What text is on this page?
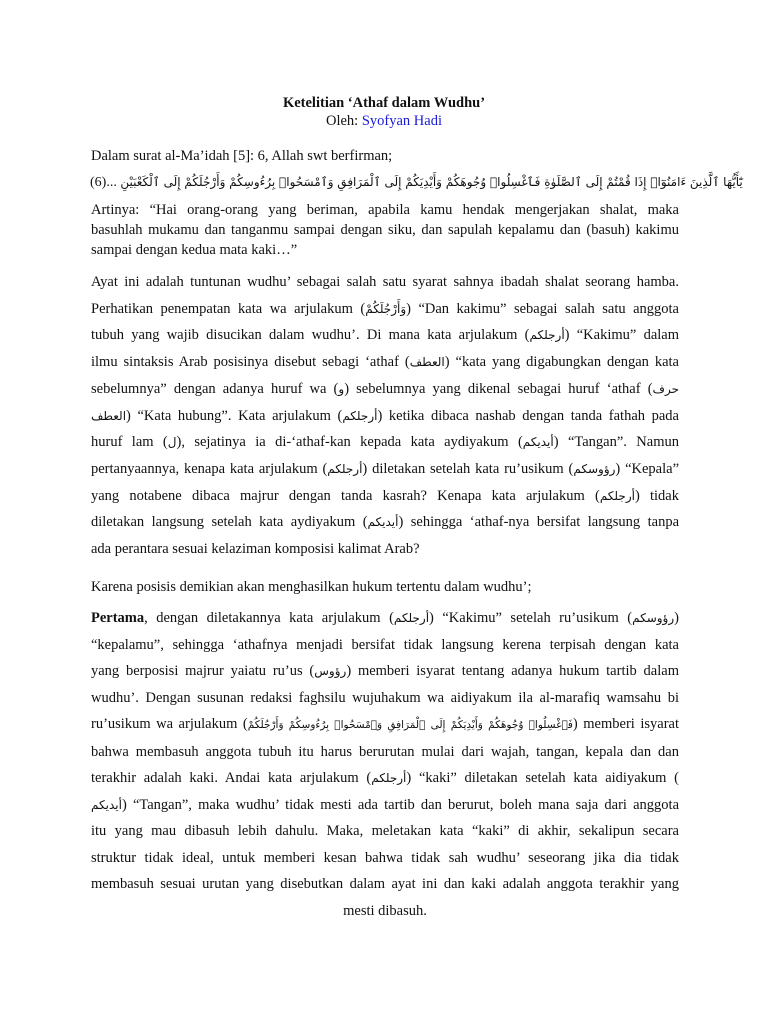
Ketelitian ‘Athaf dalam Wudhu’
Oleh: Syofyan Hadi
Dalam surat al-Ma’idah [5]: 6, Allah swt berfirman;
(6)... يَٰٓأَيُّهَا ٱلَّذِينَ ءَامَنُوٓا۟ إِذَا قُمْتُمْ إِلَى ٱلصَّلَوٰةِ فَٱغْسِلُوا۟ وُجُوهَكُمْ وَأَيْدِيَكُمْ إِلَى ٱلْمَرَافِقِ وَٱمْسَحُوا۟ بِرُءُوسِكُمْ وَأَرْجُلَكُمْ إِلَى ٱلْكَعْبَيْنِ
Artinya: “Hai orang-orang yang beriman, apabila kamu hendak mengerjakan shalat, maka
basuhlah mukamu dan tanganmu sampai dengan siku, dan sapulah kepalamu dan (basuh) kakimu
sampai dengan kedua mata kaki…”
Ayat ini adalah tuntunan wudhu’ sebagai salah satu syarat sahnya ibadah shalat seorang hamba.
Perhatikan penempatan kata wa arjulakum (وَأَرْجُلَكُمْ) “Dan kakimu” sebagai salah satu anggota
tubuh yang wajib disucikan dalam wudhu’. Di mana kata arjulakum (أرجلكم) “Kakimu” dalam
ilmu sintaksis Arab posisinya disebut sebagi ‘athaf (العطف) “kata yang digabungkan dengan kata
sebelumnya” dengan adanya huruf wa (و) sebelumnya yang dikenal sebagai huruf ‘athaf (حرف
العطف) “Kata hubung”. Kata arjulakum (أرجلكم) ketika dibaca nashab dengan tanda fathah pada
huruf lam (ل), sejatinya ia di-‘athaf-kan kepada kata aydiyakum (أيديكم) “Tangan”. Namun
pertanyaannya, kenapa kata arjulakum (أرجلكم) diletakan setelah kata ru’usikum (رؤوسكم) “Kepala”
yang notabene dibaca majrur dengan tanda kasrah? Kenapa kata arjulakum (أرجلكم) tidak
diletakan langsung setelah kata aydiyakum (أيديكم) sehingga ‘athaf-nya bersifat langsung tanpa
ada perantara sesuai kelaziman komposisi kalimat Arab?
Karena posisis demikian akan menghasilkan hukum tertentu dalam wudhu’;
Pertama, dengan diletakannya kata arjulakum (أرجلكم) “Kakimu” setelah ru’usikum (رؤوسكم)
“kepalamu”, sehingga ‘athafnya menjadi bersifat tidak langsung kerena terpisah dengan kata
yang berposisi majrur yaiatu ru’us (رؤوس) memberi isyarat tentang adanya hukum tartib dalam
wudhu’. Dengan susunan redaksi faghsilu wujuhakum wa aidiyakum ila al-marafiq wamsahu bi
ru’usikum wa arjulakum (فَٱغْسِلُوا۟ وُجُوهَكُمْ وَأَيْدِيَكُمْ إِلَى ٱلْمَرَافِقِ وَٱمْسَحُوا۟ بِرُءُوسِكُمْ وَأَرْجُلَكُمْ) memberi isyarat
bahwa membasuh anggota tubuh itu harus berurutan mulai dari wajah, tangan, kepala dan dan
terakhir adalah kaki. Andai kata arjulakum (أرجلكم) “kaki” diletakan setelah kata aidiyakum (
أيديكم) “Tangan”, maka wudhu’ tidak mesti ada tartib dan berurut, boleh mana saja dari anggota
itu yang mau dibasuh lebih dahulu. Maka, meletakan kata “kaki” di akhir, sekalipun secara
struktur tidak ideal, untuk memberi kesan bahwa tidak sah wudhu’ seseorang jika dia tidak
membasuh sesuai urutan yang disebutkan dalam ayat ini dan kaki adalah anggota terakhir yang
mesti dibasuh.
